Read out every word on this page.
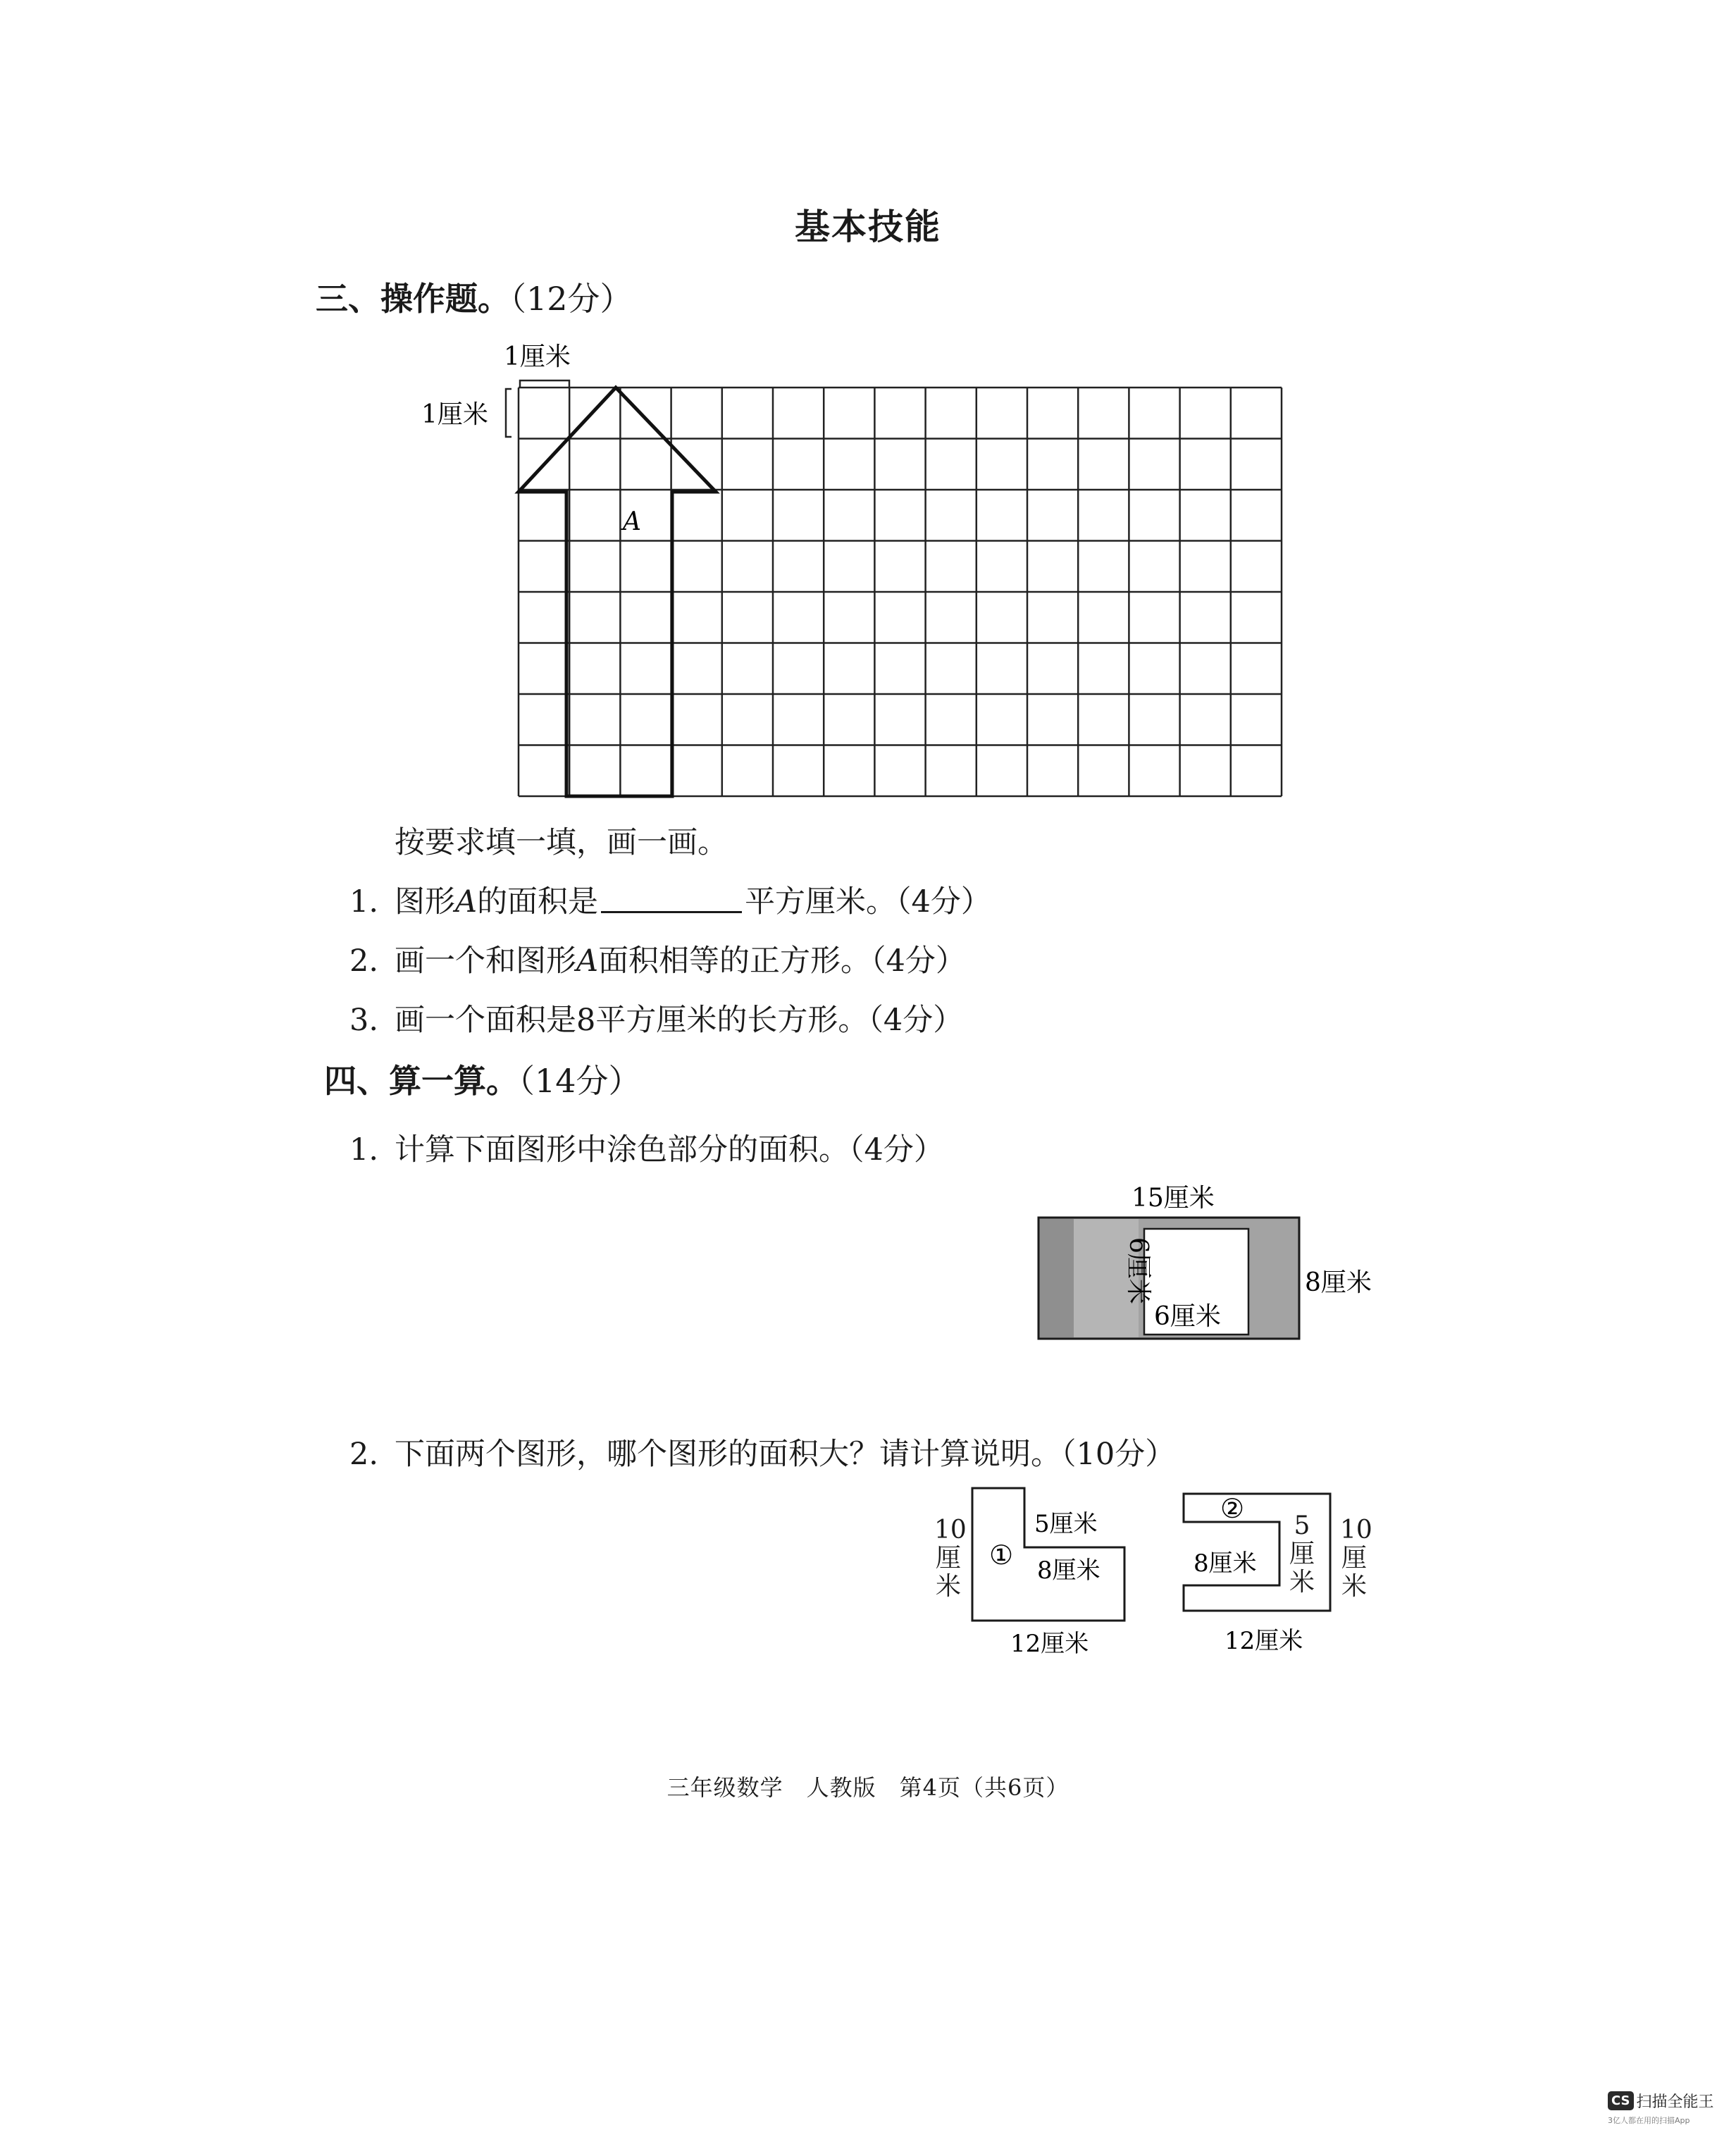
基本技能
三、操作题。（12分）
1厘米
1厘米
A
按要求填一填，画一画。
1. 图形A的面积是	平方厘米。（4分）
2. 画一个和图形A面积相等的正方形。（4分）
3. 画一个面积是8平方厘米的长方形。（4分）
四、算一算。（14分）
1. 计算下面图形中涂色部分的面积。（4分）
15厘米
8厘米
6厘米
6厘米
2. 下面两个图形，哪个图形的面积大？请计算说明。（10分）
①
5厘米
8厘米
12厘米
10
厘
米
②
8厘米
12厘米
5
厘
米
10
厘
米
三年级数学　人教版　第4页（共6页）
CS 扫描全能王
3亿人都在用的扫描App
